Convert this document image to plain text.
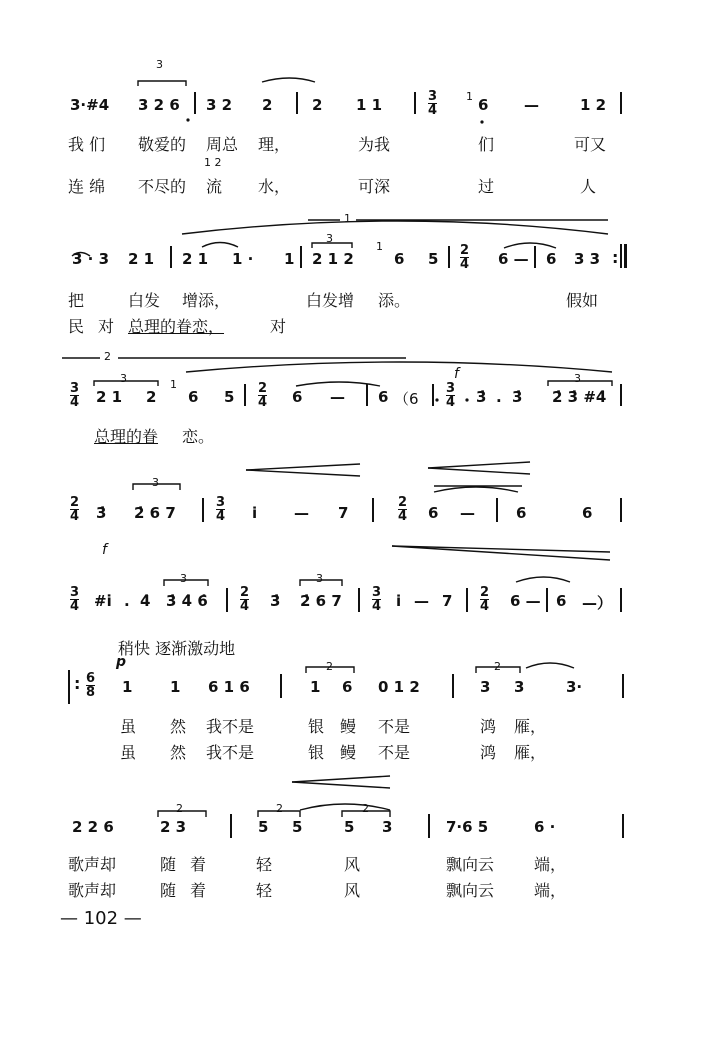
3
1
3·#4 3 2 6 3 2 2	2 1 1	3
4	6 —	1 2
我 们 敬爱的 周总 理，	为我	们	可又
1 2
连 绵 不尽的 流 水，	可深	过	人
1
3
1
3 · 3 2 1 2 1 1 · 1 2 1 2	6 5 2
4 6 — 6 3 3 :
把	白发 增添，	白发增 添。	假如
民 对 总理的眷恋，	对
2
3	1
f	3
3
4 2 1 2 6 5 2
4 6 — 6 （6
3
4 3̇ . 3̇ 2̇ 3̇ #4̇
总理的眷 恋。
3
2
4 3̇ 2̇ 6 7
3
4 i — 7
2
4 6 —	6	6
f
3	3
3
4 #i̇ . 4̇ 3̇ 4̇ 6̇ 2
4 3̇ 2̇ 6 7 3
4 i — 7 2
4 6 — 6 —）
稍快 逐渐激动地
p	2	2
: 6
8 1	1 6 1 6	1 6 0 1 2	3 3	3·
虽 然 我不是	银 鳗 不是	鸿 雁，
虽 然 我不是	银 鳗 不是	鸿 雁，
2	2	2
2 2 6	2 3	5 5	5 3	7·6 5	6 ·
歌声却	随 着	轻	风	飘向云 端，
歌声却	随 着	轻	风	飘向云 端，
— 102 —
